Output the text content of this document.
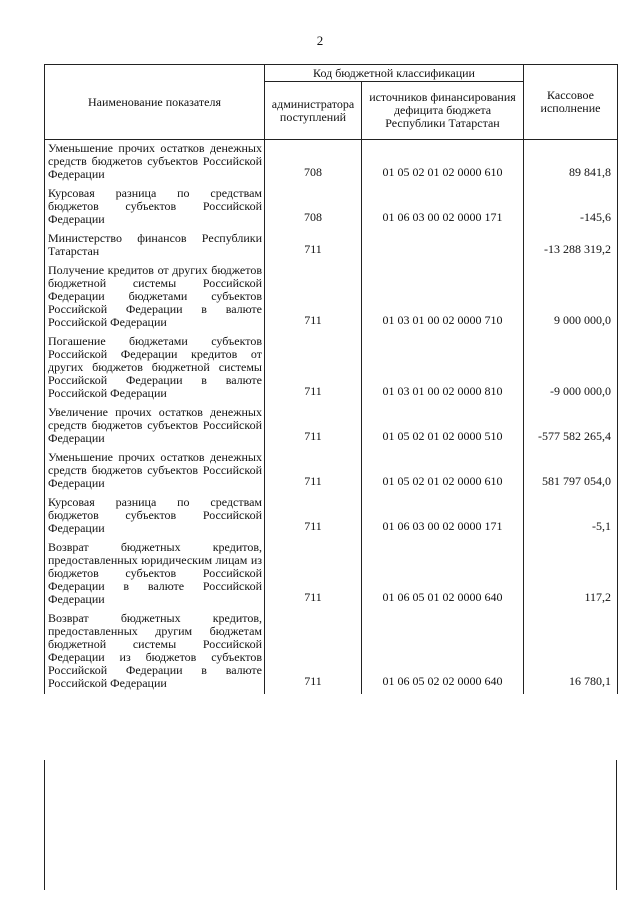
2
Наименование показателя	Код бюджетной классификации		Кассовое исполнение
	администратора поступлений	источников финансирования дефицита бюджета Республики Татарстан	
Уменьшение прочих остатков денежных средств бюджетов субъектов Российской Федерации	708	01 05 02 01 02 0000 610	89 841,8
Курсовая разница по средствам бюджетов субъектов Российской Федерации	708	01 06 03 00 02 0000 171	-145,6
Министерство финансов Республики Татарстан	711		-13 288 319,2
Получение кредитов от других бюджетов бюджетной системы Российской Федерации бюджетами субъектов Российской Федерации в валюте Российской Федерации	711	01 03 01 00 02 0000 710	9 000 000,0
Погашение бюджетами субъектов Российской Федерации кредитов от других бюджетов бюджетной системы Российской Федерации в валюте Российской Федерации	711	01 03 01 00 02 0000 810	-9 000 000,0
Увеличение прочих остатков денежных средств бюджетов субъектов Российской Федерации	711	01 05 02 01 02 0000 510	-577 582 265,4
Уменьшение прочих остатков денежных средств бюджетов субъектов Российской Федерации	711	01 05 02 01 02 0000 610	581 797 054,0
Курсовая разница по средствам бюджетов субъектов Российской Федерации	711	01 06 03 00 02 0000 171	-5,1
Возврат бюджетных кредитов, предоставленных юридическим лицам из бюджетов субъектов Российской Федерации в валюте Российской Федерации	711	01 06 05 01 02 0000 640	117,2
Возврат бюджетных кредитов, предоставленных другим бюджетам бюджетной системы Российской Федерации из бюджетов субъектов Российской Федерации в валюте Российской Федерации	711	01 06 05 02 02 0000 640	16 780,1
